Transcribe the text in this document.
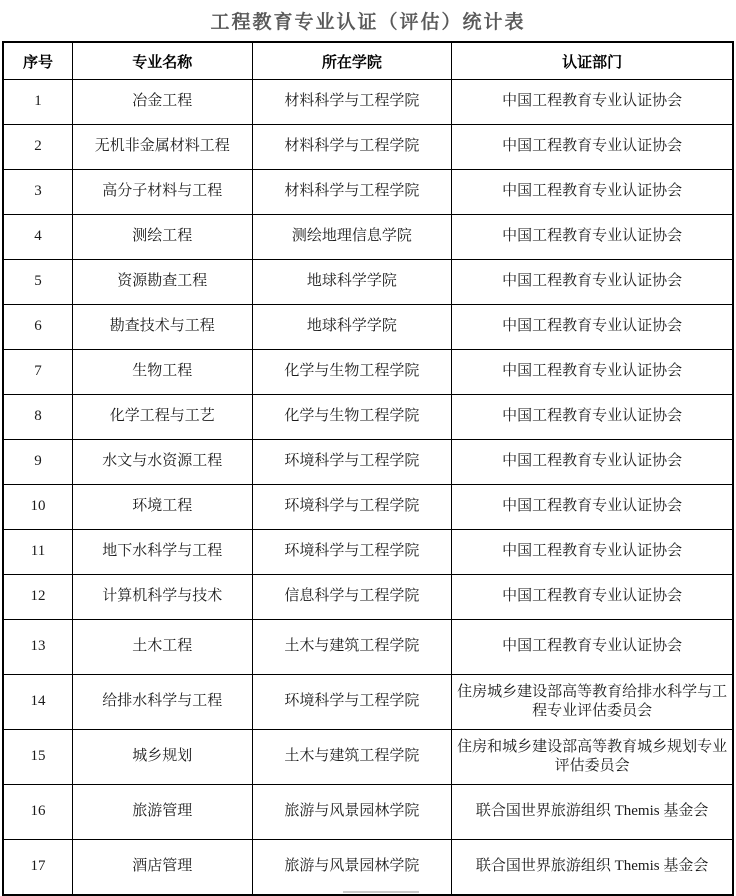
工程教育专业认证（评估）统计表
序号	专业名称	所在学院	认证部门
1	冶金工程	材料科学与工程学院	中国工程教育专业认证协会
2	无机非金属材料工程	材料科学与工程学院	中国工程教育专业认证协会
3	高分子材料与工程	材料科学与工程学院	中国工程教育专业认证协会
4	测绘工程	测绘地理信息学院	中国工程教育专业认证协会
5	资源勘查工程	地球科学学院	中国工程教育专业认证协会
6	勘查技术与工程	地球科学学院	中国工程教育专业认证协会
7	生物工程	化学与生物工程学院	中国工程教育专业认证协会
8	化学工程与工艺	化学与生物工程学院	中国工程教育专业认证协会
9	水文与水资源工程	环境科学与工程学院	中国工程教育专业认证协会
10	环境工程	环境科学与工程学院	中国工程教育专业认证协会
11	地下水科学与工程	环境科学与工程学院	中国工程教育专业认证协会
12	计算机科学与技术	信息科学与工程学院	中国工程教育专业认证协会
13	土木工程	土木与建筑工程学院	中国工程教育专业认证协会
14	给排水科学与工程	环境科学与工程学院	住房城乡建设部高等教育给排水科学与工程专业评估委员会
15	城乡规划	土木与建筑工程学院	住房和城乡建设部高等教育城乡规划专业评估委员会
16	旅游管理	旅游与风景园林学院	联合国世界旅游组织 Themis 基金会
17	酒店管理	旅游与风景园林学院	联合国世界旅游组织 Themis 基金会
